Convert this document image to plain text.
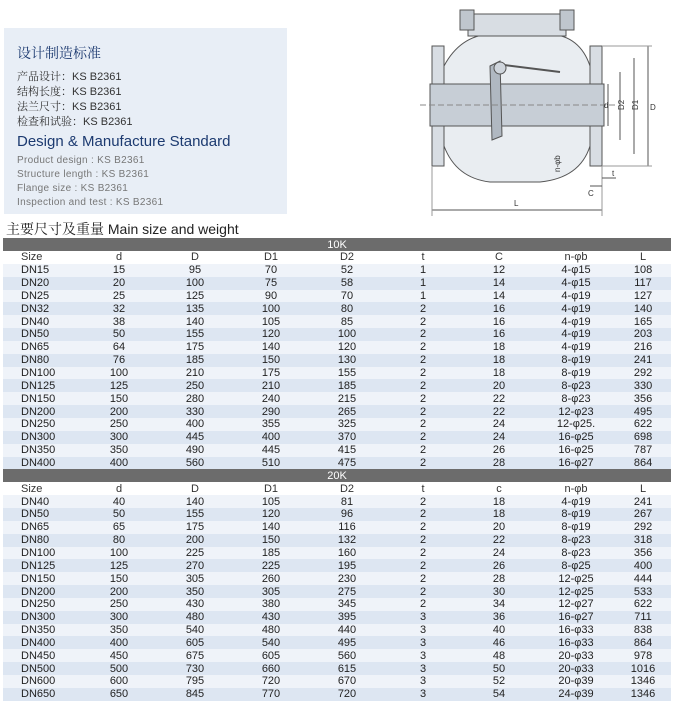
设计制造标准
产品设计：KS B2361
结构长度：KS B2361
法兰尺寸：KS B2361
检查和试验：KS B2361
Design & Manufacture Standard
Product design : KS B2361
Structure length : KS B2361
Flange size : KS B2361
Inspection and test : KS B2361
d D2 D1 D
n-φb
t
C
L
主要尺寸及重量 Main size and weight
10K								
Size	d	D	D1	D2	t	C	n-φb	L
DN15	15	95	70	52	1	12	4-φ15	108
DN20	20	100	75	58	1	14	4-φ15	117
DN25	25	125	90	70	1	14	4-φ19	127
DN32	32	135	100	80	2	16	4-φ19	140
DN40	38	140	105	85	2	16	4-φ19	165
DN50	50	155	120	100	2	16	4-φ19	203
DN65	64	175	140	120	2	18	4-φ19	216
DN80	76	185	150	130	2	18	8-φ19	241
DN100	100	210	175	155	2	18	8-φ19	292
DN125	125	250	210	185	2	20	8-φ23	330
DN150	150	280	240	215	2	22	8-φ23	356
DN200	200	330	290	265	2	22	12-φ23	495
DN250	250	400	355	325	2	24	12-φ25.	622
DN300	300	445	400	370	2	24	16-φ25	698
DN350	350	490	445	415	2	26	16-φ25	787
DN400	400	560	510	475	2	28	16-φ27	864
20K								
Size	d	D	D1	D2	t	c	n-φb	L
DN40	40	140	105	81	2	18	4-φ19	241
DN50	50	155	120	96	2	18	8-φ19	267
DN65	65	175	140	116	2	20	8-φ19	292
DN80	80	200	150	132	2	22	8-φ23	318
DN100	100	225	185	160	2	24	8-φ23	356
DN125	125	270	225	195	2	26	8-φ25	400
DN150	150	305	260	230	2	28	12-φ25	444
DN200	200	350	305	275	2	30	12-φ25	533
DN250	250	430	380	345	2	34	12-φ27	622
DN300	300	480	430	395	3	36	16-φ27	711
DN350	350	540	480	440	3	40	16-φ33	838
DN400	400	605	540	495	3	46	16-φ33	864
DN450	450	675	605	560	3	48	20-φ33	978
DN500	500	730	660	615	3	50	20-φ33	1016
DN600	600	795	720	670	3	52	20-φ39	1346
DN650	650	845	770	720	3	54	24-φ39	1346
